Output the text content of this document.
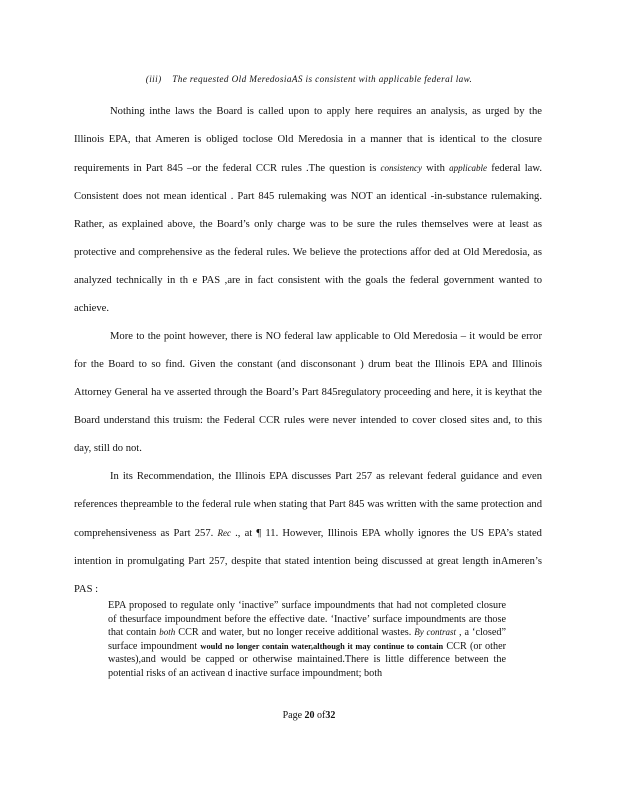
(iii) The requested Old MeredosiaAS is consistent with applicable federal law.

Nothing inthe laws the Board is called upon to apply here requires an analysis, as urged by the Illinois EPA, that Ameren is obliged toclose Old Meredosia in a manner that is identical to the closure requirements in Part 845 –or the federal CCR rules .The question is consistency with applicable federal law. Consistent does not mean identical . Part 845 rulemaking was NOT an identical -in-substance rulemaking. Rather, as explained above, the Board’s only charge was to be sure the rules themselves were at least as protective and comprehensive as the federal rules. We believe the protections affor ded at Old Meredosia, as analyzed technically in th e PAS ,are in fact consistent with the goals the federal government wanted to achieve.

More to the point however, there is NO federal law applicable to Old Meredosia – it would be error for the Board to so find. Given the constant (and disconsonant ) drum beat the Illinois EPA and Illinois Attorney General ha ve asserted through the Board’s Part 845regulatory proceeding and here, it is keythat the Board understand this truism: the Federal CCR rules were never intended to cover closed sites and, to this day, still do not.

In its Recommendation, the Illinois EPA discusses Part 257 as relevant federal guidance and even references thepreamble to the federal rule when stating that Part 845 was written with the same protection and comprehensiveness as Part 257. Rec ., at ¶ 11. However, Illinois EPA wholly ignores the US EPA’s stated intention in promulgating Part 257, despite that stated intention being discussed at great length inAmeren’s PAS :

EPA proposed to regulate only ‘inactive” surface impoundments that had not completed closure of thesurface impoundment before the effective date. ‘Inactive’ surface impoundments are those that contain both CCR and water, but no longer receive additional wastes. By contrast , a ‘closed” surface impoundment would no longer contain water,although it may continue to contain CCR (or other wastes),and would be capped or otherwise maintained.There is little difference between the potential risks of an activean d inactive surface impoundment; both

Page 20 of32
